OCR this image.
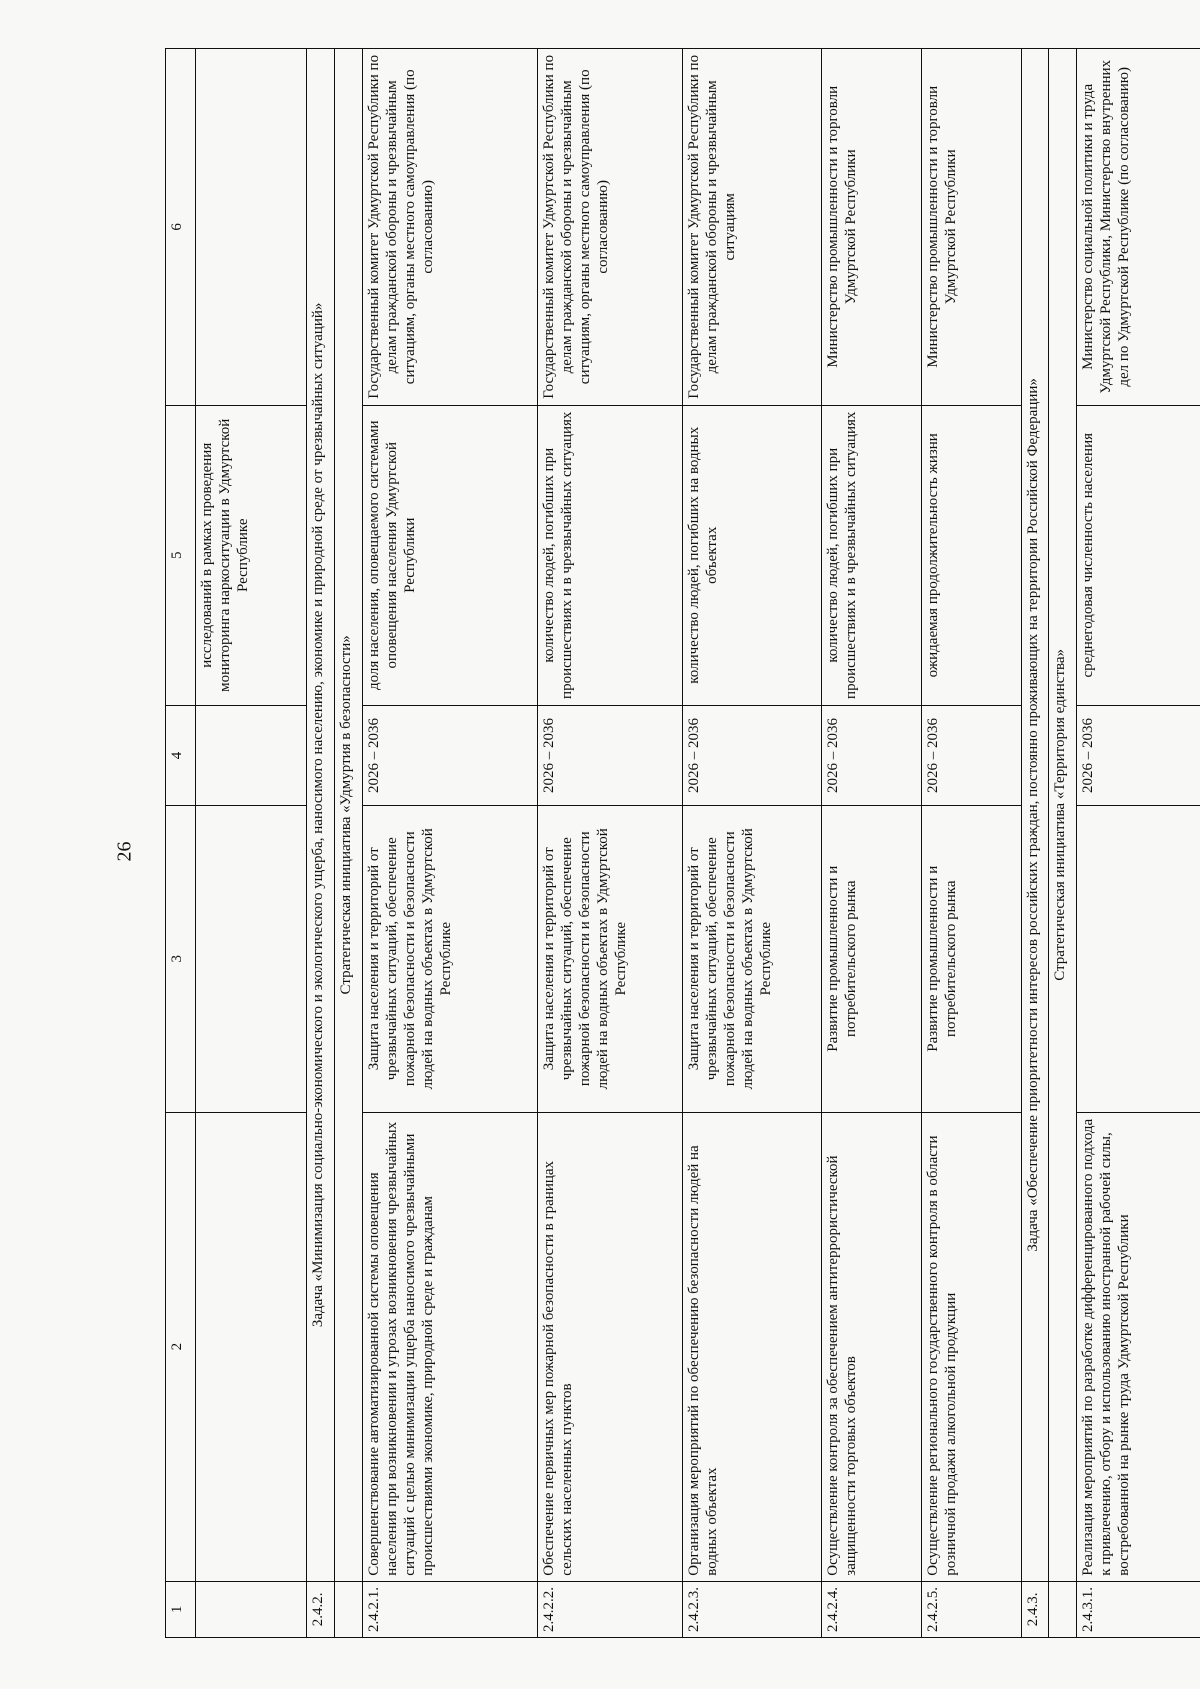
26
1	2	3	4	5	6
				исследований в рамках проведения мониторинга наркоситуации в Удмуртской Республике	
2.4.2.	Задача «Минимизация социально-экономического и экологического ущерба, наносимого населению, экономике и природной среде от чрезвычайных ситуаций»				
	Стратегическая инициатива «Удмуртия в безопасности»				
2.4.2.1.	Совершенствование автоматизированной системы оповещения населения при возникновении и угрозах возникновения чрезвычайных ситуаций с целью минимизации ущерба наносимого чрезвычайными происшествиями экономике, природной среде и гражданам	Защита населения и территорий от чрезвычайных ситуаций, обеспечение пожарной безопасности и безопасности людей на водных объектах в Удмуртской Республике	2026 – 2036	доля населения, оповещаемого системами оповещения населения Удмуртской Республики	Государственный комитет Удмуртской Республики по делам гражданской обороны и чрезвычайным ситуациям, органы местного самоуправления (по согласованию)
2.4.2.2.	Обеспечение первичных мер пожарной безопасности в границах сельских населенных пунктов	Защита населения и территорий от чрезвычайных ситуаций, обеспечение пожарной безопасности и безопасности людей на водных объектах в Удмуртской Республике	2026 – 2036	количество людей, погибших при происшествиях и в чрезвычайных ситуациях	Государственный комитет Удмуртской Республики по делам гражданской обороны и чрезвычайным ситуациям, органы местного самоуправления (по согласованию)
2.4.2.3.	Организация мероприятий по обеспечению безопасности людей на водных объектах	Защита населения и территорий от чрезвычайных ситуаций, обеспечение пожарной безопасности и безопасности людей на водных объектах в Удмуртской Республике	2026 – 2036	количество людей, погибших на водных объектах	Государственный комитет Удмуртской Республики по делам гражданской обороны и чрезвычайным ситуациям
2.4.2.4.	Осуществление контроля за обеспечением антитеррористической защищенности торговых объектов	Развитие промышленности и потребительского рынка	2026 – 2036	количество людей, погибших при происшествиях и в чрезвычайных ситуациях	Министерство промышленности и торговли Удмуртской Республики
2.4.2.5.	Осуществление регионального государственного контроля в области розничной продажи алкогольной продукции	Развитие промышленности и потребительского рынка	2026 – 2036	ожидаемая продолжительность жизни	Министерство промышленности и торговли Удмуртской Республики
2.4.3.	Задача «Обеспечение приоритетности интересов российских граждан, постоянно проживающих на территории Российской Федерации»				
	Стратегическая инициатива «Территория единства»				
2.4.3.1.	Реализация мероприятий по разработке дифференцированного подхода к привлечению, отбору и использованию иностранной рабочей силы, востребованной на рынке труда Удмуртской Республики		2026 – 2036	среднегодовая численность населения	Министерство социальной политики и труда Удмуртской Республики, Министерство внутренних дел по Удмуртской Республике (по согласованию)
